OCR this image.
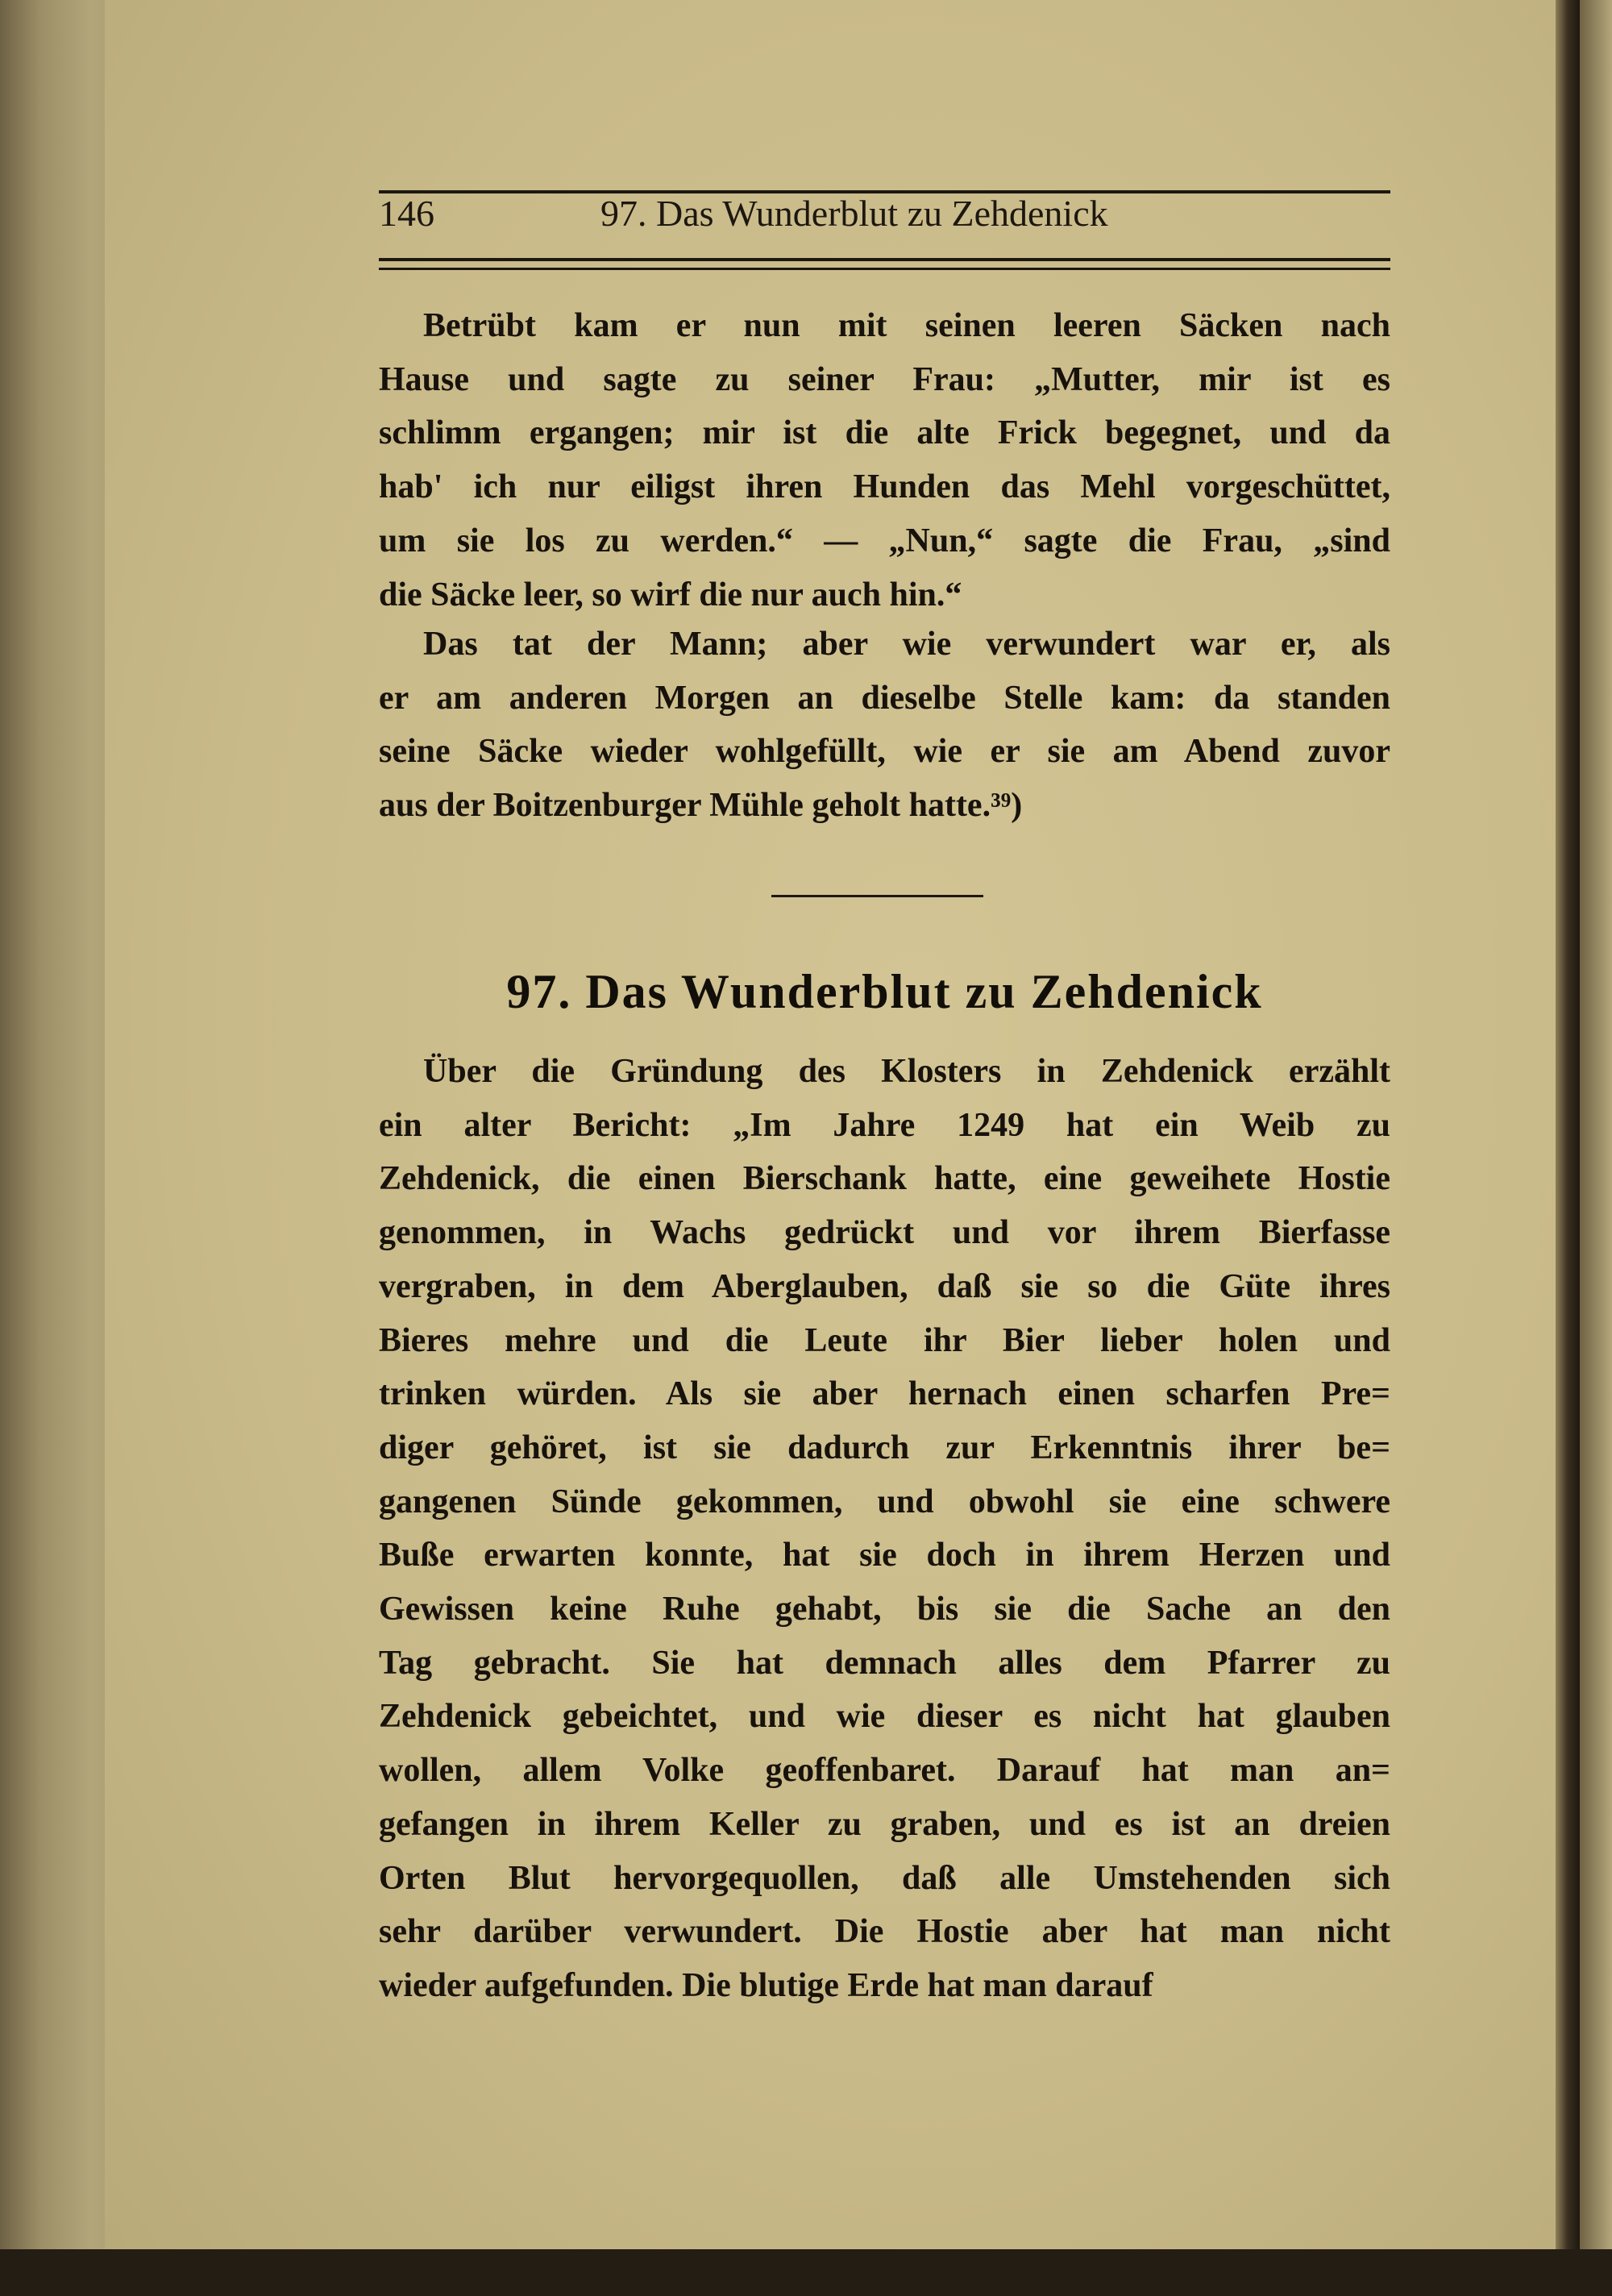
146	97. Das Wunderblut zu Zehdenick
Betrübt kam er nun mit seinen leeren Säcken nach
Hause und sagte zu seiner Frau: „Mutter, mir ist es
schlimm ergangen; mir ist die alte Frick begegnet, und da
hab' ich nur eiligst ihren Hunden das Mehl vorgeschüttet,
um sie los zu werden.“ — „Nun,“ sagte die Frau, „sind
die Säcke leer, so wirf die nur auch hin.“
Das tat der Mann; aber wie verwundert war er, als
er am anderen Morgen an dieselbe Stelle kam: da standen
seine Säcke wieder wohlgefüllt, wie er sie am Abend zuvor
aus der Boitzenburger Mühle geholt hatte.³⁹)
Über die Gründung des Klosters in Zehdenick erzählt
ein alter Bericht: „Im Jahre 1249 hat ein Weib zu
Zehdenick, die einen Bierschank hatte, eine geweihete Hostie
genommen, in Wachs gedrückt und vor ihrem Bierfasse
vergraben, in dem Aberglauben, daß sie so die Güte ihres
Bieres mehre und die Leute ihr Bier lieber holen und
trinken würden. Als sie aber hernach einen scharfen Pre=
diger gehöret, ist sie dadurch zur Erkenntnis ihrer be=
gangenen Sünde gekommen, und obwohl sie eine schwere
Buße erwarten konnte, hat sie doch in ihrem Herzen und
Gewissen keine Ruhe gehabt, bis sie die Sache an den
Tag gebracht. Sie hat demnach alles dem Pfarrer zu
Zehdenick gebeichtet, und wie dieser es nicht hat glauben
wollen, allem Volke geoffenbaret. Darauf hat man an=
gefangen in ihrem Keller zu graben, und es ist an dreien
Orten Blut hervorgequollen, daß alle Umstehenden sich
sehr darüber verwundert. Die Hostie aber hat man nicht
wieder aufgefunden. Die blutige Erde hat man darauf
97. Das Wunderblut zu Zehdenick
